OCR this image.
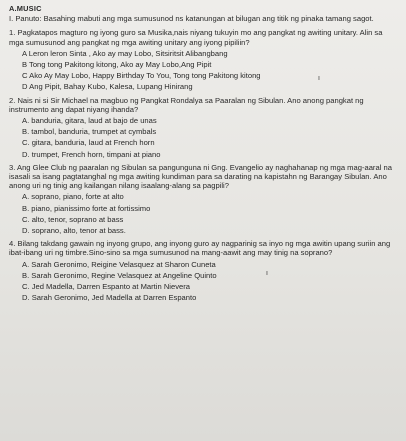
A.MUSIC
I. Panuto: Basahing mabuti ang mga sumusunod ns katanungan at bilugan ang titik ng pinaka tamang sagot.
1. Pagkatapos magturo ng iyong guro sa Musika,nais niyang tukuyin mo ang pangkat ng awiting unitary. Alin sa mga sumusunod ang pangkat ng mga awiting unitary ang iyong pipiliin?
A Leron leron Sinta , Ako ay may Lobo, Sitsiritsit Alibangbang
B Tong tong Pakitong kitong, Ako ay May Lobo,Ang Pipit
C Ako Ay May Lobo, Happy Birthday To You, Tong tong Pakitong kitong
D Ang Pipit, Bahay Kubo, Kalesa, Lupang Hinirang
2. Nais ni si Sir Michael na magbuo ng Pangkat Rondalya sa Paaralan ng Sibulan. Ano anong pangkat ng instrumento ang dapat niyang ihanda?
A. banduria, gitara, laud at bajo de unas
B. tambol, banduria, trumpet at cymbals
C. gitara, banduria, laud at French horn
D. trumpet, French horn, timpani at piano
3. Ang Glee Club ng paaralan ng Sibulan sa pangunguna ni Gng. Evangelio ay naghahanap ng mga mag-aaral na isasali sa isang pagtatanghal ng mga awiting kundiman para sa darating na kapistahn ng Barangay Sibulan. Ano anong uri ng tinig ang kailangan nilang isaalang-alang sa pagpili?
A. soprano, piano, forte at alto
B. piano, pianissimo forte at fortissimo
C. alto, tenor, soprano at bass
D. soprano, alto, tenor at bass.
4. Bilang takdang gawain ng inyong grupo, ang inyong guro ay nagparinig sa inyo ng mga awitin upang suriin ang ibat-ibang uri ng timbre.Sino-sino sa mga sumusunod na mang-aawit ang may tinig na soprano?
A. Sarah Geronimo, Reigine Velasquez at Sharon Cuneta
B. Sarah Geronimo, Regine Velasquez at Angeline Quinto
C. Jed Madella, Darren Espanto at Martin Nievera
D. Sarah Geronimo, Jed Madella at Darren Espanto
ı
ı
